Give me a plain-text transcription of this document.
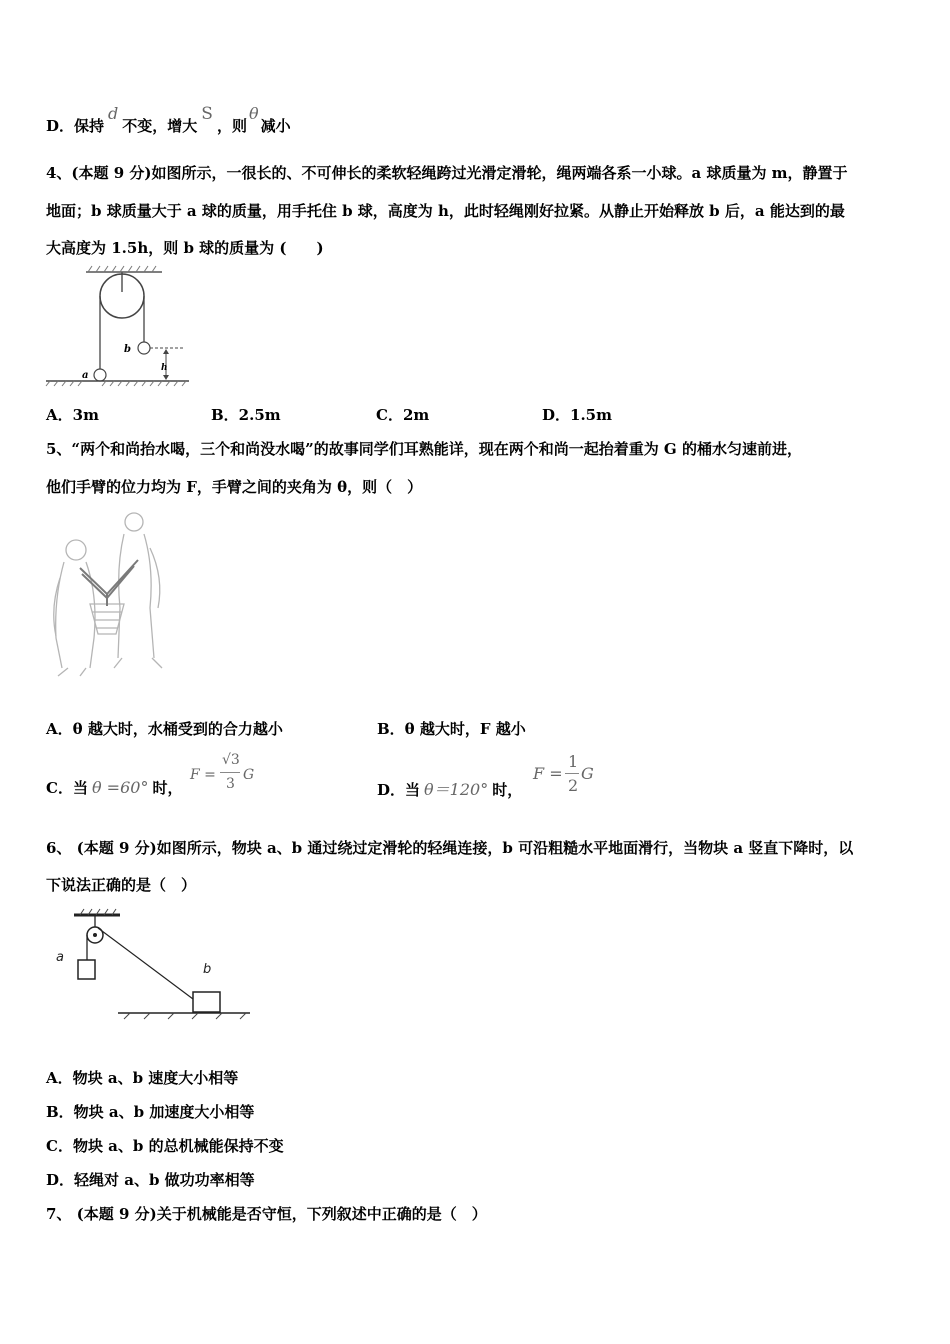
D．保持d不变，增大S，则θ减小
4、(本题 9 分)如图所示，一很长的、不可伸长的柔软轻绳跨过光滑定滑轮，绳两端各系一小球。a 球质量为 m，静置于
地面；b 球质量大于 a 球的质量，用手托住 b 球，高度为 h，此时轻绳刚好拉紧。从静止开始释放 b 后，a 能达到的最
大高度为 1.5h，则 b 球的质量为 (　　)
b
a
h
A．3m	B．2.5m	C．2m	D．1.5m
5、“两个和尚抬水喝，三个和尚没水喝”的故事同学们耳熟能详，现在两个和尚一起抬着重为 G 的桶水匀速前进，
他们手臂的位力均为 F，手臂之间的夹角为 θ，则（　）
A．θ 越大时，水桶受到的合力越小	B．θ 越大时，F 越小
C．当 θ =60° 时，
F =
√3
3
G
D．当 θ＝120° 时，
F =
1
2
G
6、 (本题 9 分)如图所示，物块 a、b 通过绕过定滑轮的轻绳连接，b 可沿粗糙水平地面滑行，当物块 a 竖直下降时，以
下说法正确的是（　）
a
b
A．物块 a、b 速度大小相等
B．物块 a、b 加速度大小相等
C．物块 a、b 的总机械能保持不变
D．轻绳对 a、b 做功功率相等
7、 (本题 9 分)关于机械能是否守恒，下列叙述中正确的是（　）
